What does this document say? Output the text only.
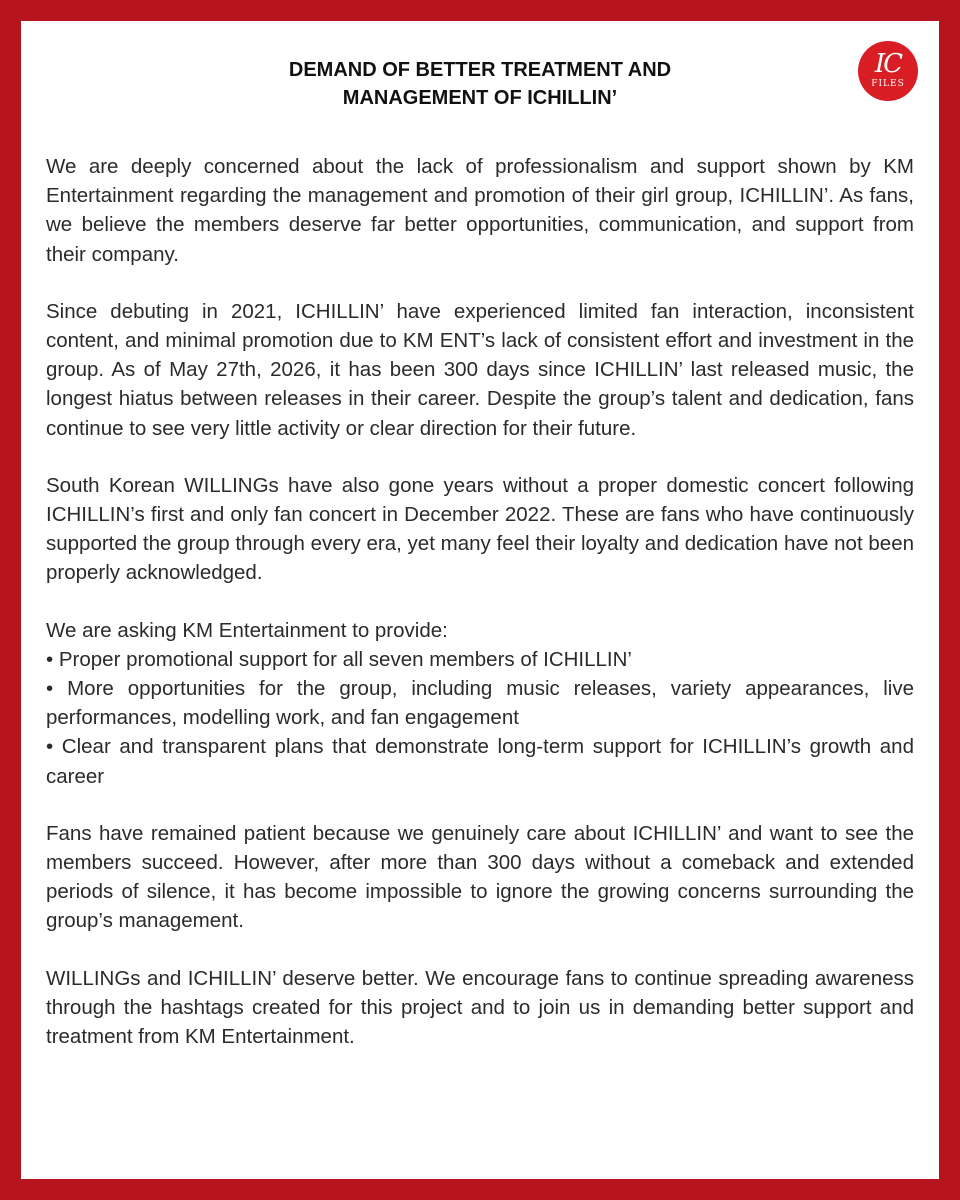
IC
FILES
DEMAND OF BETTER TREATMENT AND
MANAGEMENT OF ICHILLIN’

We are deeply concerned about the lack of professionalism and support shown by KM Entertainment regarding the management and promotion of their girl group, ICHILLIN’. As fans, we believe the members deserve far better opportunities, communication, and support from their company.

Since debuting in 2021, ICHILLIN’ have experienced limited fan interaction, inconsistent content, and minimal promotion due to KM ENT’s lack of consistent effort and investment in the group. As of May 27th, 2026, it has been 300 days since ICHILLIN’ last released music, the longest hiatus between releases in their career. Despite the group’s talent and dedication, fans continue to see very little activity or clear direction for their future.

South Korean WILLINGs have also gone years without a proper domestic concert following ICHILLIN’s first and only fan concert in December 2022. These are fans who have continuously supported the group through every era, yet many feel their loyalty and dedication have not been properly acknowledged.

We are asking KM Entertainment to provide:

• Proper promotional support for all seven members of ICHILLIN’
• More opportunities for the group, including music releases, variety appearances, live performances, modelling work, and fan engagement
• Clear and transparent plans that demonstrate long-term support for ICHILLIN’s growth and career

Fans have remained patient because we genuinely care about ICHILLIN’ and want to see the members succeed. However, after more than 300 days without a comeback and extended periods of silence, it has become impossible to ignore the growing concerns surrounding the group’s management.

WILLINGs and ICHILLIN’ deserve better. We encourage fans to continue spreading awareness through the hashtags created for this project and to join us in demanding better support and treatment from KM Entertainment.
